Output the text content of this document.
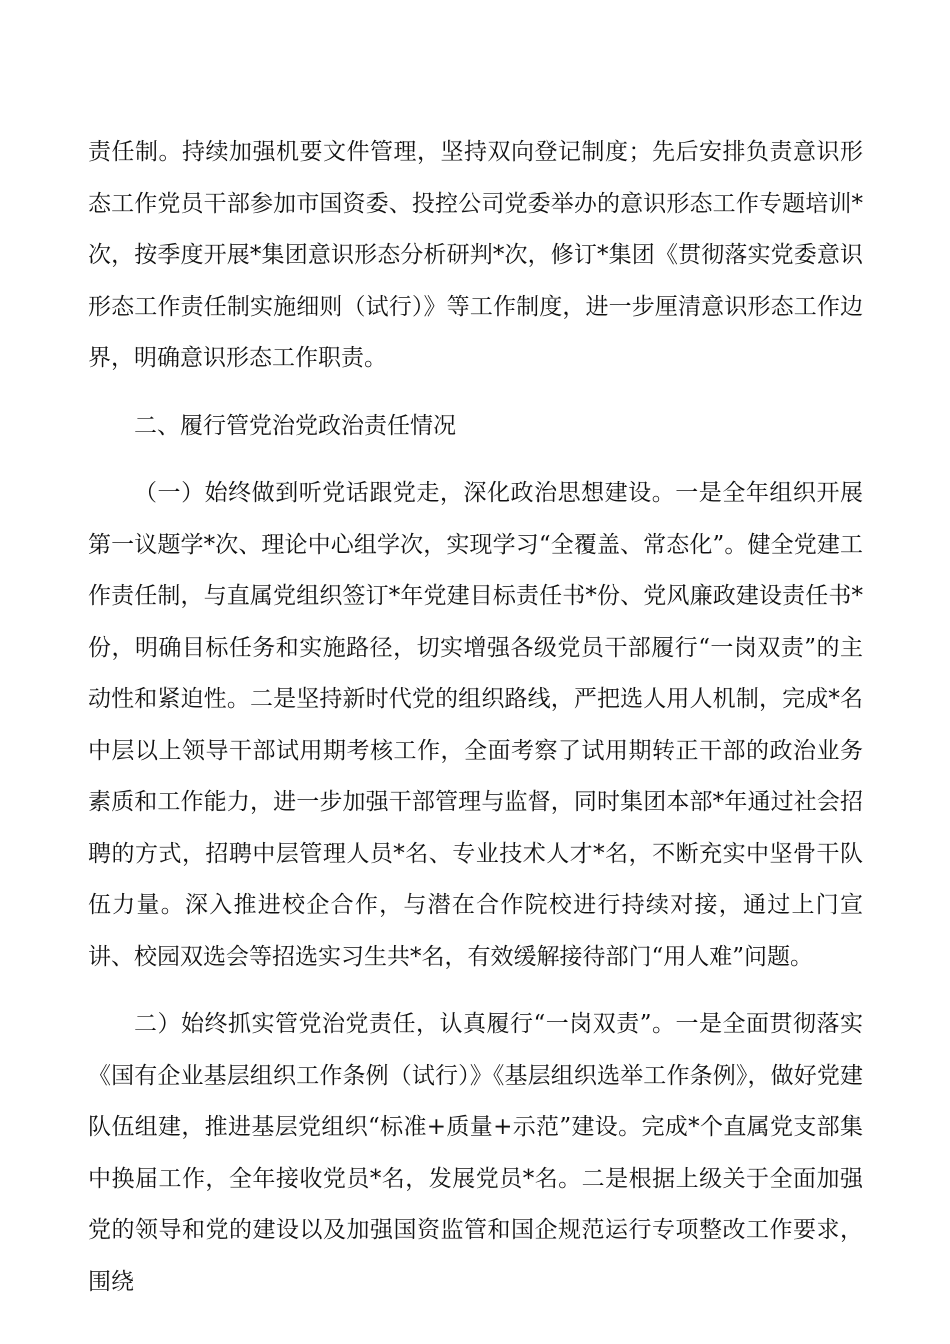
责任制。持续加强机要文件管理，坚持双向登记制度；先后安排负责意识形态工作党员干部参加市国资委、投控公司党委举办的意识形态工作专题培训*次，按季度开展*集团意识形态分析研判*次，修订*集团《贯彻落实党委意识形态工作责任制实施细则（试行）》等工作制度，进一步厘清意识形态工作边界，明确意识形态工作职责。

二、履行管党治党政治责任情况

（一）始终做到听党话跟党走，深化政治思想建设。一是全年组织开展第一议题学*次、理论中心组学次，实现学习“全覆盖、常态化”。健全党建工作责任制，与直属党组织签订*年党建目标责任书*份、党风廉政建设责任书*份，明确目标任务和实施路径，切实增强各级党员干部履行“一岗双责”的主动性和紧迫性。二是坚持新时代党的组织路线，严把选人用人机制，完成*名中层以上领导干部试用期考核工作，全面考察了试用期转正干部的政治业务素质和工作能力，进一步加强干部管理与监督，同时集团本部*年通过社会招聘的方式，招聘中层管理人员*名、专业技术人才*名，不断充实中坚骨干队伍力量。深入推进校企合作，与潜在合作院校进行持续对接，通过上门宣讲、校园双选会等招选实习生共*名，有效缓解接待部门“用人难”问题。

二）始终抓实管党治党责任，认真履行“一岗双责”。一是全面贯彻落实《国有企业基层组织工作条例（试行）》《基层组织选举工作条例》，做好党建队伍组建，推进基层党组织“标准+质量+示范”建设。完成*个直属党支部集中换届工作，全年接收党员*名，发展党员*名。二是根据上级关于全面加强党的领导和党的建设以及加强国资监管和国企规范运行专项整改工作要求，围绕
